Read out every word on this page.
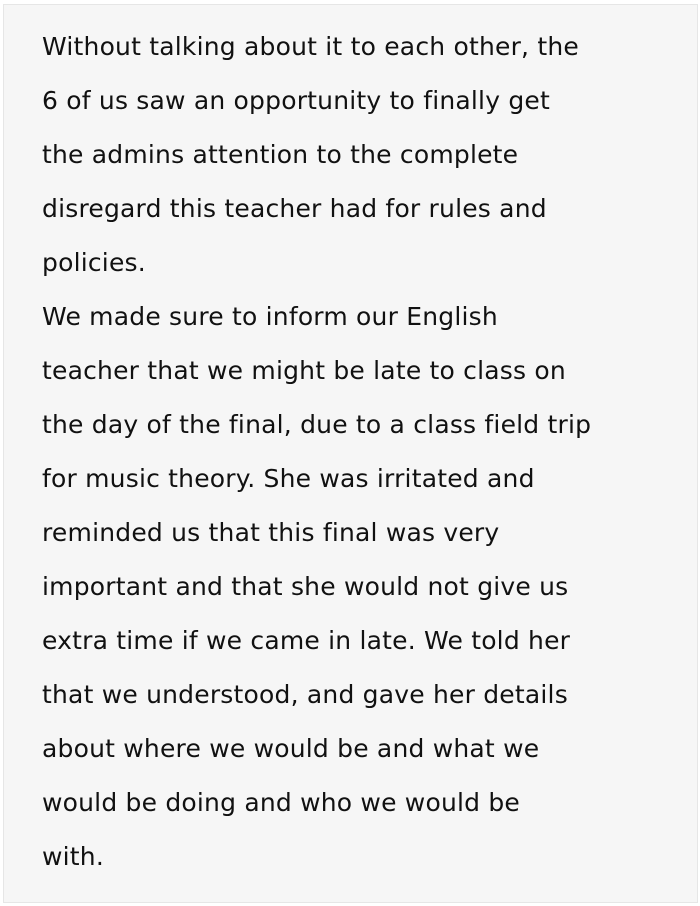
Without talking about it to each other, the
6 of us saw an opportunity to finally get
the admins attention to the complete
disregard this teacher had for rules and
policies.
We made sure to inform our English
teacher that we might be late to class on
the day of the final, due to a class field trip
for music theory. She was irritated and
reminded us that this final was very
important and that she would not give us
extra time if we came in late. We told her
that we understood, and gave her details
about where we would be and what we
would be doing and who we would be
with.
